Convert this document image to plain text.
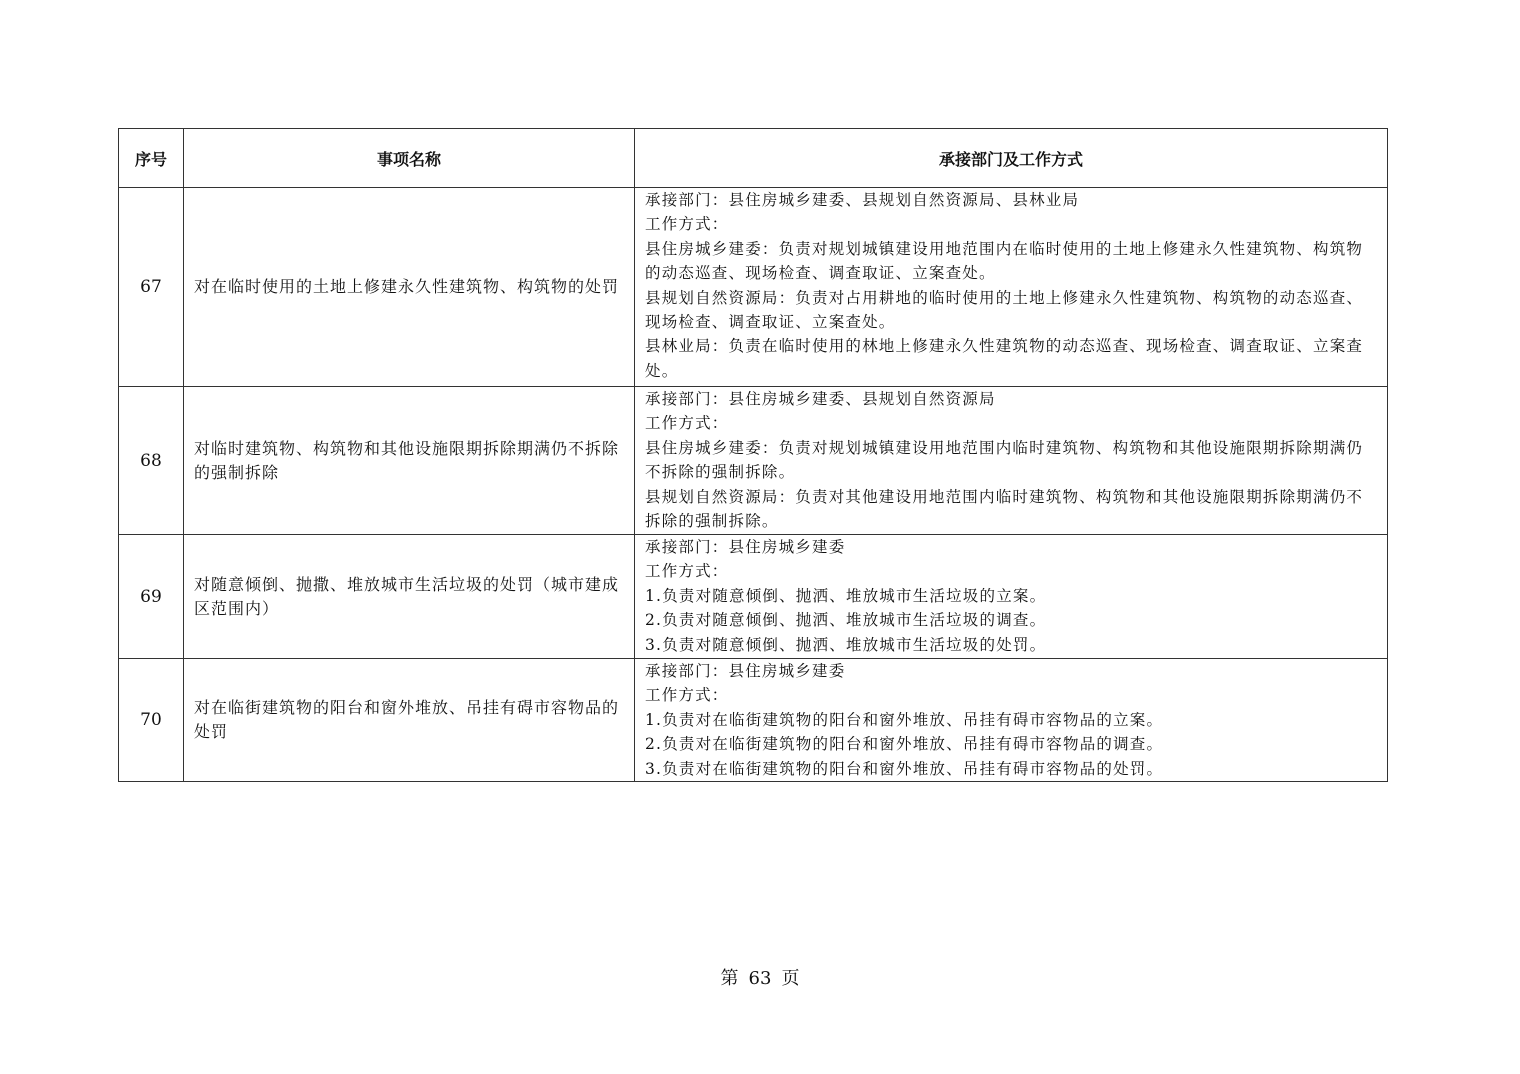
序号	事项名称	承接部门及工作方式
67	对在临时使用的土地上修建永久性建筑物、构筑物的处罚	承接部门：县住房城乡建委、县规划自然资源局、县林业局
工作方式：
县住房城乡建委：负责对规划城镇建设用地范围内在临时使用的土地上修建永久性建筑物、构筑物的动态巡查、现场检查、调查取证、立案查处。
县规划自然资源局：负责对占用耕地的临时使用的土地上修建永久性建筑物、构筑物的动态巡查、现场检查、调查取证、立案查处。
县林业局：负责在临时使用的林地上修建永久性建筑物的动态巡查、现场检查、调查取证、立案查处。

68	对临时建筑物、构筑物和其他设施限期拆除期满仍不拆除的强制拆除	承接部门：县住房城乡建委、县规划自然资源局
工作方式：
县住房城乡建委：负责对规划城镇建设用地范围内临时建筑物、构筑物和其他设施限期拆除期满仍不拆除的强制拆除。
县规划自然资源局：负责对其他建设用地范围内临时建筑物、构筑物和其他设施限期拆除期满仍不拆除的强制拆除。

69	对随意倾倒、抛撒、堆放城市生活垃圾的处罚（城市建成区范围内）	承接部门：县住房城乡建委
工作方式：
1.负责对随意倾倒、抛洒、堆放城市生活垃圾的立案。
2.负责对随意倾倒、抛洒、堆放城市生活垃圾的调查。
3.负责对随意倾倒、抛洒、堆放城市生活垃圾的处罚。

70	对在临街建筑物的阳台和窗外堆放、吊挂有碍市容物品的处罚	承接部门：县住房城乡建委
工作方式：
1.负责对在临街建筑物的阳台和窗外堆放、吊挂有碍市容物品的立案。
2.负责对在临街建筑物的阳台和窗外堆放、吊挂有碍市容物品的调查。
3.负责对在临街建筑物的阳台和窗外堆放、吊挂有碍市容物品的处罚。
第 63 页
